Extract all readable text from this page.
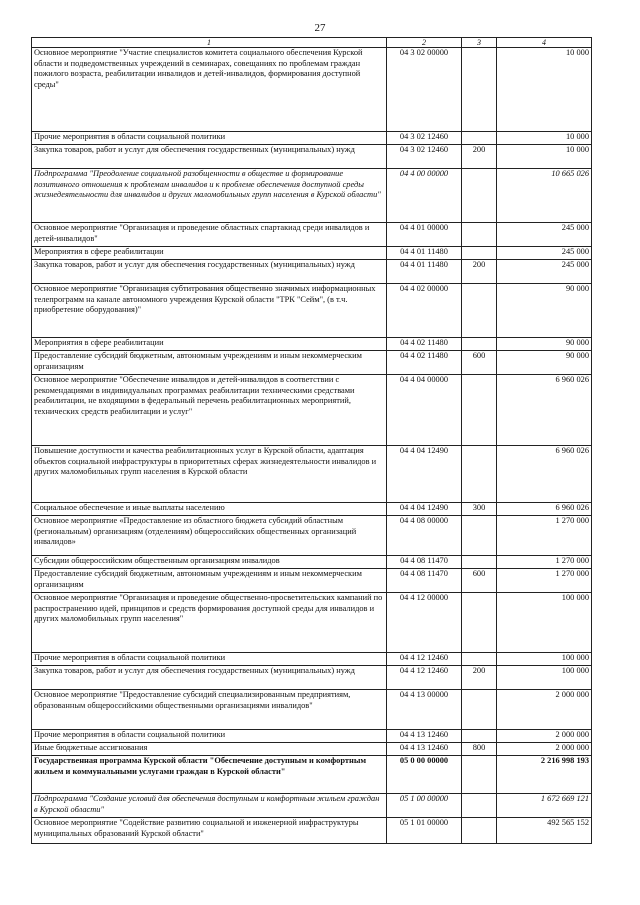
27
1	2	3	4
Основное мероприятие "Участие специалистов комитета социального обеспечения Курской области и подведомственных учреждений в семинарах, совещаниях по проблемам граждан пожилого возраста, реабилитации инвалидов и детей-инвалидов, формирования доступной среды"	04 3 02 00000		10 000
Прочие мероприятия в области социальной политики	04 3 02 12460		10 000
Закупка товаров, работ и услуг для обеспечения государственных (муниципальных) нужд	04 3 02 12460	200	10 000
Подпрограмма "Преодоление социальной разобщенности в обществе и формирование позитивного отношения к проблемам инвалидов и к проблеме обеспечения доступной среды жизнедеятельности для инвалидов и других маломобильных групп населения в Курской области"	04 4 00 00000		10 665 026
Основное мероприятие "Организация и проведение областных спартакиад среди инвалидов и детей-инвалидов"	04 4 01 00000		245 000
Мероприятия в сфере реабилитации	04 4 01 11480		245 000
Закупка товаров, работ и услуг для обеспечения государственных (муниципальных) нужд	04 4 01 11480	200	245 000
Основное мероприятие "Организация субтитрования общественно значимых информационных телепрограмм на канале автономного учреждения Курской области "ТРК "Сейм", (в т.ч. приобретение оборудования)"	04 4 02 00000		90 000
Мероприятия в сфере реабилитации	04 4 02 11480		90 000
Предоставление субсидий бюджетным, автономным учреждениям и иным некоммерческим организациям	04 4 02 11480	600	90 000
Основное мероприятие "Обеспечение инвалидов и детей-инвалидов в соответствии с рекомендациями в индивидуальных программах реабилитации техническими средствами реабилитации, не входящими в федеральный перечень реабилитационных мероприятий, технических средств реабилитации и услуг"	04 4 04 00000		6 960 026
Повышение доступности и качества реабилитационных услуг в Курской области, адаптация объектов социальной инфраструктуры в приоритетных сферах жизнедеятельности инвалидов и других маломобильных групп населения в Курской области	04 4 04 12490		6 960 026
Социальное обеспечение и иные выплаты населению	04 4 04 12490	300	6 960 026
Основное мероприятие «Предоставление из областного бюджета субсидий областным (региональным) организациям (отделениям) общероссийских общественных организаций инвалидов»	04 4 08 00000		1 270 000
Субсидии общероссийским общественным организациям инвалидов	04 4 08 11470		1 270 000
Предоставление субсидий бюджетным, автономным учреждениям и иным некоммерческим организациям	04 4 08 11470	600	1 270 000
Основное мероприятие "Организация и проведение общественно-просветительских кампаний по распространению идей, принципов и средств формирования доступной среды для инвалидов и других маломобильных групп населения"	04 4 12 00000		100 000
Прочие мероприятия в области социальной политики	04 4 12 12460		100 000
Закупка товаров, работ и услуг для обеспечения государственных (муниципальных) нужд	04 4 12 12460	200	100 000
Основное мероприятие "Предоставление субсидий специализированным предприятиям, образованным общероссийскими общественными организациями инвалидов"	04 4 13 00000		2 000 000
Прочие мероприятия в области социальной политики	04 4 13 12460		2 000 000
Иные бюджетные ассигнования	04 4 13 12460	800	2 000 000
Государственная программа Курской области "Обеспечение доступным и комфортным жильем и коммунальными услугами граждан в Курской области"	05 0 00 00000		2 216 998 193
Подпрограмма "Создание условий для обеспечения доступным и комфортным жильем граждан в Курской области"	05 1 00 00000		1 672 669 121
Основное мероприятие "Содействие развитию социальной и инженерной инфраструктуры муниципальных образований Курской области"	05 1 01 00000		492 565 152
